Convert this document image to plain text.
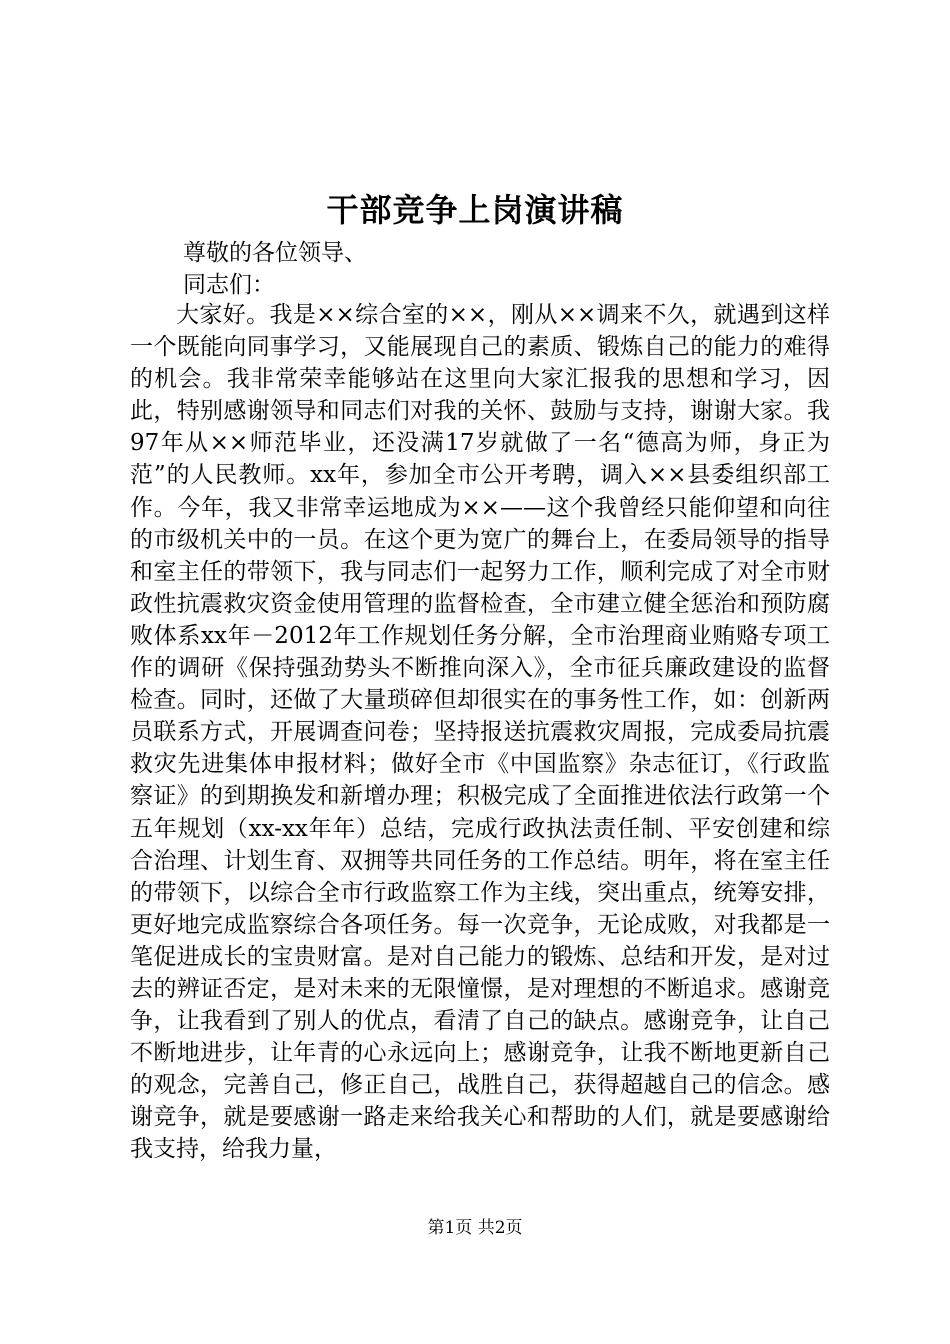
干部竞争上岗演讲稿
尊敬的各位领导、
同志们：

大家好。我是××综合室的××，刚从××调来不久，就遇到这样一个既能向同事学习，又能展现自己的素质、锻炼自己的能力的难得的机会。我非常荣幸能够站在这里向大家汇报我的思想和学习，因此，特别感谢领导和同志们对我的关怀、鼓励与支持，谢谢大家。我97年从××师范毕业，还没满17岁就做了一名“德高为师，身正为范”的人民教师。xx年，参加全市公开考聘，调入××县委组织部工作。今年，我又非常幸运地成为××——这个我曾经只能仰望和向往的市级机关中的一员。在这个更为宽广的舞台上，在委局领导的指导和室主任的带领下，我与同志们一起努力工作，顺利完成了对全市财政性抗震救灾资金使用管理的监督检查，全市建立健全惩治和预防腐败体系xx年－2012年工作规划任务分解，全市治理商业贿赂专项工作的调研《保持强劲势头不断推向深入》，全市征兵廉政建设的监督检查。同时，还做了大量琐碎但却很实在的事务性工作，如：创新两员联系方式，开展调查问卷；坚持报送抗震救灾周报，完成委局抗震救灾先进集体申报材料；做好全市《中国监察》杂志征订，《行政监察证》的到期换发和新增办理；积极完成了全面推进依法行政第一个五年规划（xx-xx年年）总结，完成行政执法责任制、平安创建和综合治理、计划生育、双拥等共同任务的工作总结。明年，将在室主任的带领下，以综合全市行政监察工作为主线，突出重点，统筹安排，更好地完成监察综合各项任务。每一次竞争，无论成败，对我都是一笔促进成长的宝贵财富。是对自己能力的锻炼、总结和开发，是对过去的辨证否定，是对未来的无限憧憬，是对理想的不断追求。感谢竞争，让我看到了别人的优点，看清了自己的缺点。感谢竞争，让自己不断地进步，让年青的心永远向上；感谢竞争，让我不断地更新自己的观念，完善自己，修正自己，战胜自己，获得超越自己的信念。感谢竞争，就是要感谢一路走来给我关心和帮助的人们，就是要感谢给我支持，给我力量，

第1页 共2页
